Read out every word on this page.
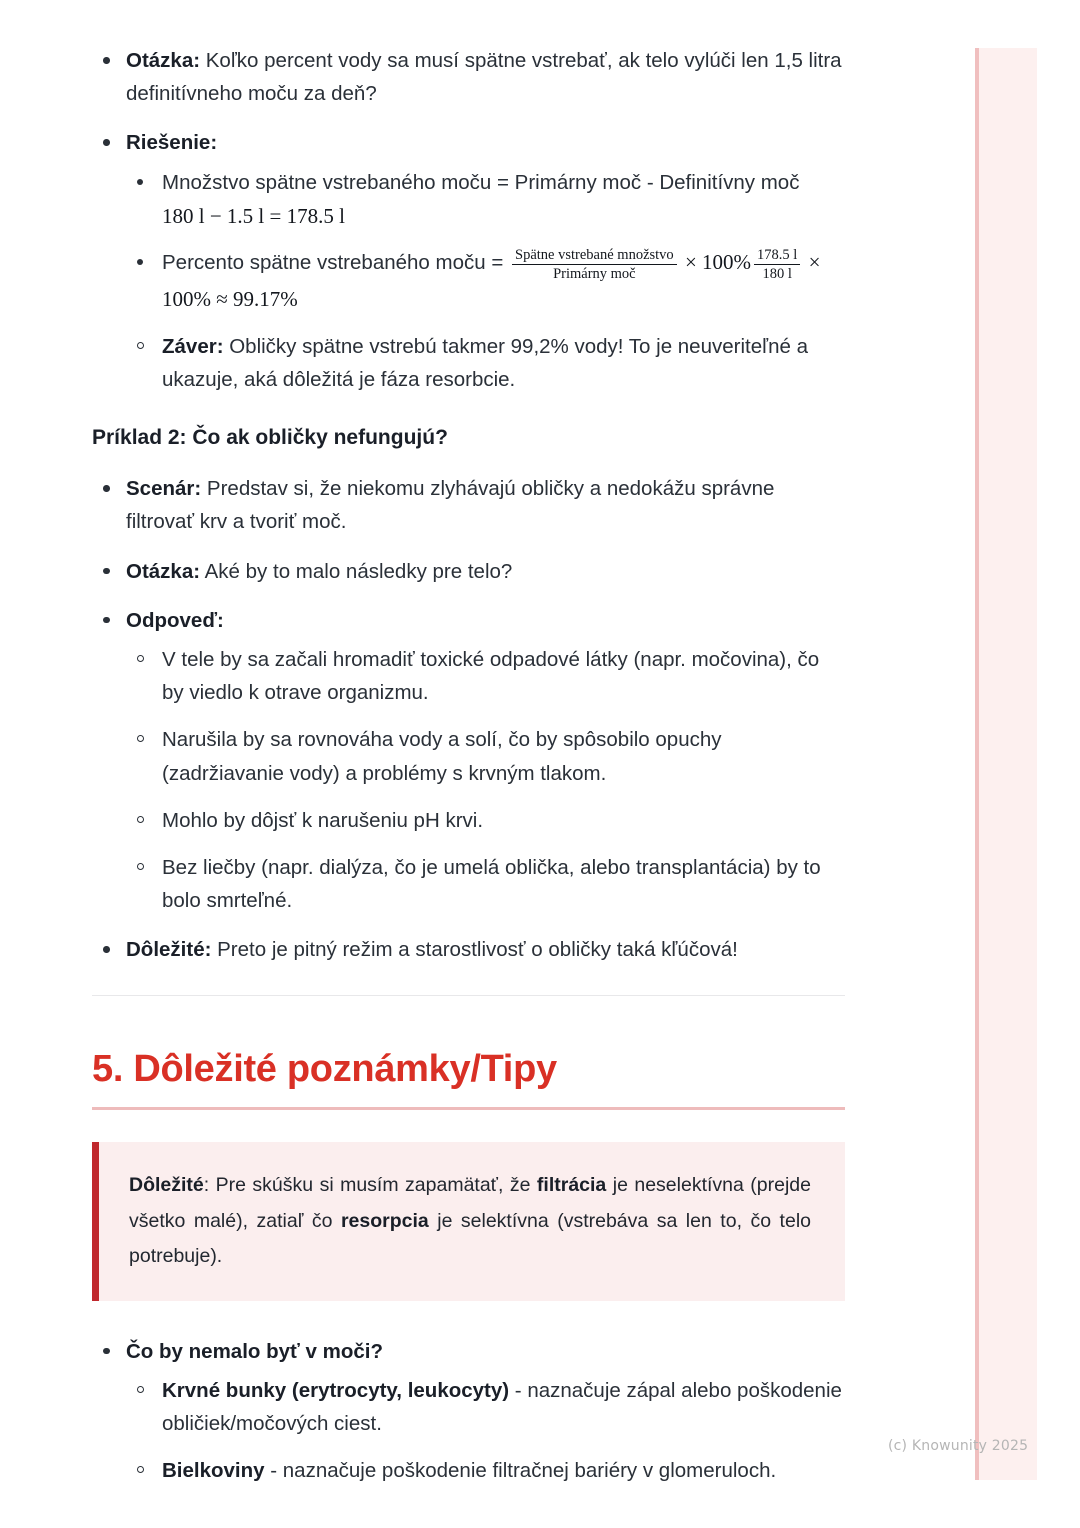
Otázka: Koľko percent vody sa musí spätne vstrebať, ak telo vylúči len 1,5 litra definitívneho moču za deň?
Riešenie:
Množstvo spätne vstrebaného moču = Primárny moč - Definitívny moč
180 l − 1.5 l = 178.5 l
Percento spätne vstrebaného moču = $\frac{\text{Spätne vstrebané množstvo}}{\text{Primárny moč}} \times 100\% \frac{178.5 l}{180 l}$ ×
100% ≈ 99.17%
Záver: Obličky spätne vstrebú takmer 99,2% vody! To je neuveriteľné a ukazuje, aká dôležitá je fáza resorbcie.
Príklad 2: Čo ak obličky nefungujú?
Scenár: Predstav si, že niekomu zlyhávajú obličky a nedokážu správne filtrovať krv a tvoriť moč.
Otázka: Aké by to malo následky pre telo?
Odpoveď:
V tele by sa začali hromadiť toxické odpadové látky (napr. močovina), čo by viedlo k otrave organizmu.
Narušila by sa rovnováha vody a solí, čo by spôsobilo opuchy (zadržiavanie vody) a problémy s krvným tlakom.
Mohlo by dôjsť k narušeniu pH krvi.
Bez liečby (napr. dialýza, čo je umelá oblička, alebo transplantácia) by to bolo smrteľné.
Dôležité: Preto je pitný režim a starostlivosť o obličky taká kľúčová!
5. Dôležité poznámky/Tipy
Dôležité: Pre skúšku si musím zapamätať, že filtrácia je neselektívna (prejde všetko malé), zatiaľ čo resorpcia je selektívna (vstrebáva sa len to, čo telo potrebuje).
Čo by nemalo byť v moči?
Krvné bunky (erytrocyty, leukocyty) - naznačuje zápal alebo poškodenie obličiek/močových ciest.
Bielkoviny - naznačuje poškodenie filtračnej bariéry v glomeruloch.
(c) Knowunity 2025
